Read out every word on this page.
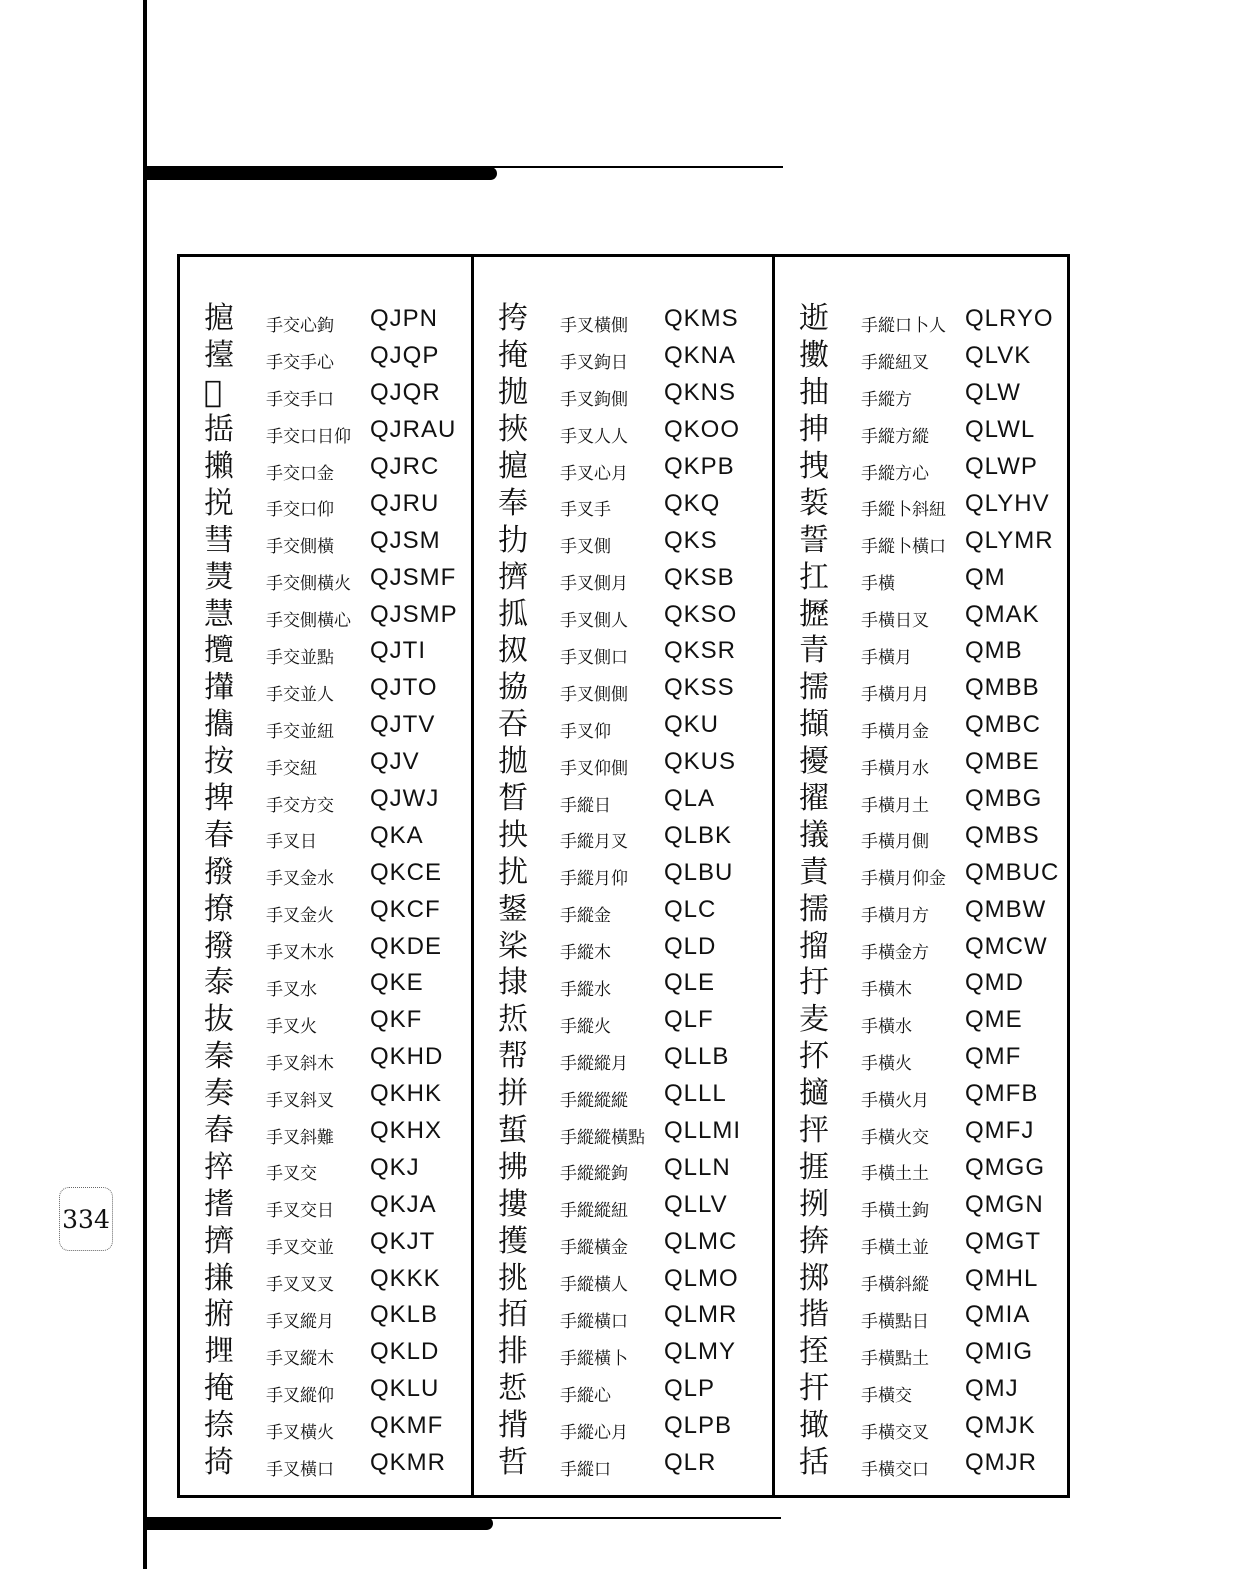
㨭	手交心鉤	QJPN
擡	手交手心	QJQP
𢹪	手交手口	QJQR
捳	手交口日仰 QJRAU
攋	手交口金	QJRC
捝	手交口仰	QJRU
彗	手交側橫	QJSM
熭	手交側橫火 QJSMF
慧	手交側橫心 QJSMP
攬	手交並點	QJTI
攆	手交並人	QJTO
㩦	手交並紐	QJTV
按	手交紐	QJV
捭	手交方交	QJWJ
春	手叉日	QKA
撥	手叉金水	QKCE
撩	手叉金火	QKCF
撥	手叉木水	QKDE
泰	手叉水	QKE
抜	手叉火	QKF
秦	手叉斜木	QKHD
奏	手叉斜叉	QKHK
舂	手叉斜難	QKHX
捽	手叉交	QKJ
搘	手叉交日	QKJA
擠	手叉交並	QKJT
搛	手叉叉叉	QKKK
捬	手叉縱月	QKLB
𢲪	手叉縱木	QKLD
掩	手叉縱仰	QKLU
捺	手叉橫火	QKMF
掎	手叉橫口	QKMR
挎	手叉橫側	QKMS
掩	手叉鉤日	QKNA
抛	手叉鉤側	QKNS
挾	手叉人人	QKOO
㨭	手叉心月	QKPB
奉	手叉手	QKQ
扐	手叉側	QKS
擠	手叉側月	QKSB
㧓	手叉側人	QKSO
㧐	手叉側口	QKSR
拹	手叉側側	QKSS
吞	手叉仰	QKU
拋	手叉仰側	QKUS
晳	手縱日	QLA
抰	手縱月叉	QLBK
扰	手縱月仰	QLBU
鋬	手縱金	QLC
桬	手縱木	QLD
捸	手縱水	QLE
焎	手縱火	QLF
帮	手縱縱月	QLLB
拼	手縱縱縱	QLLL
蜇	手縱縱橫點 QLLMI
拂	手縱縱鉤	QLLN
摟	手縱縱紐	QLLV
擭	手縱橫金	QLMC
挑	手縱橫人	QLMO
𢫦	手縱橫口	QLMR
排	手縱橫卜	QLMY
悊	手縱心	QLP
揹	手縱心月	QLPB
哲	手縱口	QLR
逝	手縱口卜人 QLRYO
擻	手縱紐叉	QLVK
抽	手縱方	QLW
抻	手縱方縱	QLWL
拽	手縱方心	QLWP
裚	手縱卜斜紐 QLYHV
誓	手縱卜橫口 QLYMR
扛	手橫	QM
攊	手橫日叉	QMAK
青	手橫月	QMB
擩	手橫月月	QMBB
擷	手橫月金	QMBC
擾	手橫月水	QMBE
擢	手橫月土	QMBG
㩘	手橫月側	QMBS
責	手橫月仰金 QMBUC
擩	手橫月方	QMBW
㨨	手橫金方	QMCW
扜	手橫木	QMD
麦	手橫水	QME
抔	手橫火	QMF
擿	手橫火月	QMFB
抨	手橫火交	QMFJ
捱	手橫土土	QMGG
挒	手橫土鉤	QMGN
捹	手橫土並	QMGT
掷	手橫斜縱	QMHL
揩	手橫點日	QMIA
挃	手橫點土	QMIG
扞	手橫交	QMJ
撖	手橫交叉	QMJK
括	手橫交口	QMJR
334
